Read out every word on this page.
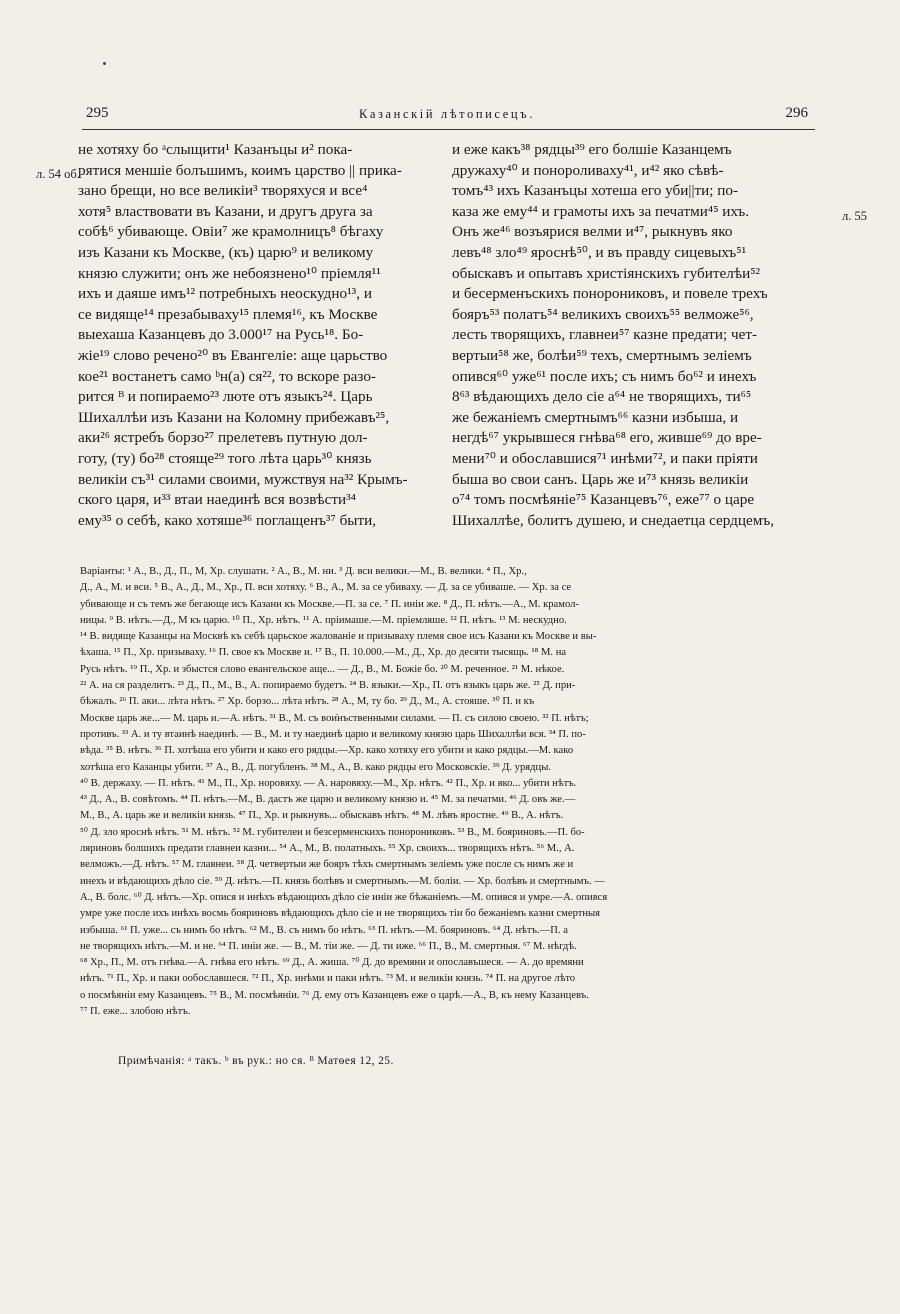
295	Казанскій лѣтописецъ.	296
л. 54 об.
л. 55
не хотяху бо ᵃслыщити¹ Казанъцы и² пока-
рятися меншіе болъшимъ, коимъ царство || прика-
зано брещи, но все великіи³ творяхуся и все⁴
хотя⁵ властвовати въ Казани, и другъ друга за
собѣ⁶ убивающе. Овіи⁷ же крамолницъ⁸ бѣгаху
изъ Казани къ Москве, (къ) царю⁹ и великому
князю служити; онъ же небоязнено¹⁰ пріемля¹¹
ихъ и даяше имъ¹² потребныхъ неоскудно¹³, и
се видяще¹⁴ презабываху¹⁵ племя¹⁶, къ Москве
выехаша Казанцевъ до 3.000¹⁷ на Русь¹⁸. Бо-
жіе¹⁹ слово речено²⁰ въ Евангеліе: аще царьство
кое²¹ востанетъ само ᵇн(а) ся²², то вскоре разо-
рится ᴮ и попираемо²³ люте отъ языкъ²⁴. Царь
Шихаллѣи изъ Казани на Коломну прибежавъ²⁵,
аки²⁶ ястребъ борзо²⁷ прелетевъ путную дол-
готу, (ту) бо²⁸ стояще²⁹ того лѣта царь³⁰ князь
великіи съ³¹ силами своими, мужствуя на³² Крымъ-
ского царя, и³³ втаи наединѣ вся возвѣсти³⁴
ему³⁵ о себѣ, како хотяше³⁶ поглащенъ³⁷ быти,
и еже какъ³⁸ рядцы³⁹ его болшіе Казанцемъ
дружаху⁴⁰ и понороливаху⁴¹, и⁴² яко сѣвѣ-
томъ⁴³ ихъ Казанъцы хотеша его уби||ти; по-
каза же ему⁴⁴ и грамоты ихъ за печатми⁴⁵ ихъ.
Онъ же⁴⁶ возъярися велми и⁴⁷, рыкнувъ яко
левъ⁴⁸ зло⁴⁹ яроснѣ⁵⁰, и въ правду сицевыхъ⁵¹
обыскавъ и опытавъ христіянскихъ губителѣи⁵²
и бесерменъскихъ понорониковъ, и повеле трехъ
бояръ⁵³ полатъ⁵⁴ великихъ своихъ⁵⁵ велможе⁵⁶,
лесть творящихъ, главнеи⁵⁷ казне предати; чет-
вертыи⁵⁸ же, болѣи⁵⁹ техъ, смертнымъ зеліемъ
опився⁶⁰ уже⁶¹ после ихъ; съ нимъ бо⁶² и инехъ
8⁶³ вѣдающихъ дело сіе а⁶⁴ не творящихъ, ти⁶⁵
же бежаніемъ смертнымъ⁶⁶ казни избыша, и
негдѣ⁶⁷ укрывшеся гнѣва⁶⁸ его, живше⁶⁹ до вре-
мени⁷⁰ и обославшися⁷¹ инѣми⁷², и паки пріяти
быша во свои санъ. Царь же и⁷³ князь великіи
о⁷⁴ томъ посмѣяніе⁷⁵ Казанцевъ⁷⁶, еже⁷⁷ о царе
Шихаллѣе, болитъ душею, и снедаетца сердцемъ,
Варіанты: ¹ А., В., Д., П., М, Хр. слушати. ² А., В., М. ни. ³ Д. вси велики.—М., В. велики. ⁴ П., Хр.,
Д., А., М. и вси. ⁵ В., А., Д., М., Хр., П. вси хотяху. ⁶ В., А., М. за се убиваху. — Д. за се убиваше. — Хр. за се
убивающе и съ темъ же бегающе исъ Казани къ Москве.—П. за се. ⁷ П. иніи же. ⁸ Д., П. нѣтъ.—А., М. крамол-
ницы. ⁹ В. нѣтъ.—Д., М къ царю. ¹⁰ П., Хр. нѣтъ. ¹¹ А. пріимаше.—М. пріемляше. ¹² П. нѣтъ. ¹³ М. нескудно.
¹⁴ В. видяще Казанцы на Москвѣ къ себѣ царьское жалованіе и призываху племя свое исъ Казани къ Москве и вы-
ѣхаша. ¹⁵ П., Хр. призываху. ¹⁶ П. свое къ Москве и. ¹⁷ В., П. 10.000.—М., Д., Хр. до десяти тысящь. ¹⁸ М. на
Русь нѣтъ. ¹⁹ П., Хр. и збыстся слово евангельское аще... — Д., В., М. Божіе бо. ²⁰ М. реченное. ²¹ М. нѣкое.
²² А. на ся разделитъ. ²³ Д., П., М., В., А. попираемо будетъ. ²⁴ В. языки.—Хр., П. отъ языкъ царь же. ²⁵ Д. при-
бѣжалъ. ²⁶ П. аки... лѣта нѣтъ. ²⁷ Хр. борзо... лѣта нѣтъ. ²⁸ А., М, ту бо. ²⁹ Д., М., А. стояше. ³⁰ П. и къ
Москве царь же...— М. царь и.—А. нѣтъ. ³¹ В., М. съ вои̇нъственными силами. — П. съ силою своею. ³² П. нѣтъ;
противъ. ³³ А. и ту втаинѣ наединѣ. — В., М. и ту наединѣ царю и великому князю царь Шихаллѣи вся. ³⁴ П. по-
вѣда. ³⁵ В. нѣтъ. ³⁶ П. хотѣша его убити и како его рядцы.—Хр. како хотяху его убити и како рядцы.—М. како
хотѣша его Казанцы убити. ³⁷ А., В., Д. погубленъ. ³⁸ М., А., В. како рядцы его Московскіе. ³⁹ Д. урядцы.
⁴⁰ В. держаху. — П. нѣтъ. ⁴¹ М., П., Хр. норовяху. — А. наровяху.—М., Хр. нѣтъ. ⁴² П., Хр. и яко... убити нѣтъ.
⁴³ Д., А., В. совѣтомъ. ⁴⁴ П. нѣтъ.—М., В. дастъ же царю и великому князю и. ⁴⁵ М. за печатми. ⁴⁶ Д. овъ же.—
М., В., А. царь же и великіи князь. ⁴⁷ П., Хр. и рыкнувъ... обыскавъ нѣтъ. ⁴⁸ М. лѣвъ яростне. ⁴⁹ В., А. нѣтъ.
⁵⁰ Д. зло яроснѣ нѣтъ. ⁵¹ М. нѣтъ. ⁵² М. губителеи и безсерменскихъ понорониковъ. ⁵³ В., М. бояриновъ.—П. бо-
ляриновъ болшихъ предати главнеи казни... ⁵⁴ А., М., В. полатныхъ. ⁵⁵ Хр. своихъ... творящихъ нѣтъ. ⁵⁶ М., А.
велможъ.—Д. нѣтъ. ⁵⁷ М. главнеи. ⁵⁸ Д. четвертыи же бояръ тѣхъ смертнымъ зеліемъ уже после съ нимъ же и
инехъ и вѣдающихъ дѣло сіе. ⁵⁹ Д. нѣтъ.—П. князь болѣвъ и смертнымъ.—М. боліи. — Хр. болѣвъ и смертнымъ. —
А., В. болс. ⁶⁰ Д. нѣтъ.—Хр. опися и инѣхъ вѣдающихъ дѣло сіе иніи же бѣжаніемъ.—М. опився и умре.—А. опився
умре уже после ихъ инѣхъ восмь бояриновъ вѣдающихъ дѣло сіе и не творящихъ тіи бо бежаніемъ казни смертныя
избыша. ⁶¹ П. уже... съ нимъ бо нѣтъ. ⁶² М., В. съ нимъ бо нѣтъ. ⁶³ П. нѣтъ.—М. бояриновъ. ⁶⁴ Д. нѣтъ.—П. а
не творящихъ нѣтъ.—М. и не. ⁶⁴ П. иніи же. — В., М. тіи же. — Д. ти иже. ⁶⁶ П., В., М. смертныя. ⁶⁷ М. нѣгдѣ.
⁶⁸ Хр., П., М. отъ гнѣва.—А. гнѣва его нѣтъ. ⁶⁹ Д., А. жиша. ⁷⁰ Д. до времяни и опославъшеся. — А. до времяни
нѣтъ. ⁷¹ П., Хр. и паки ообославшеся. ⁷² П., Хр. инѣми и паки нѣтъ. ⁷³ М. и великіи князь. ⁷⁴ П. на другое лѣто
о посмѣяніи ему Казанцевъ. ⁷⁵ В., М. посмѣяніи. ⁷⁶ Д. ему отъ Казанцевъ еже о царѣ.—А., В, къ нему Казанцевъ.
⁷⁷ П. еже... злобою нѣтъ.
Примѣчанія: ᵃ такъ. ᵇ въ рук.: но ся. ᴮ Матѳея 12, 25.
